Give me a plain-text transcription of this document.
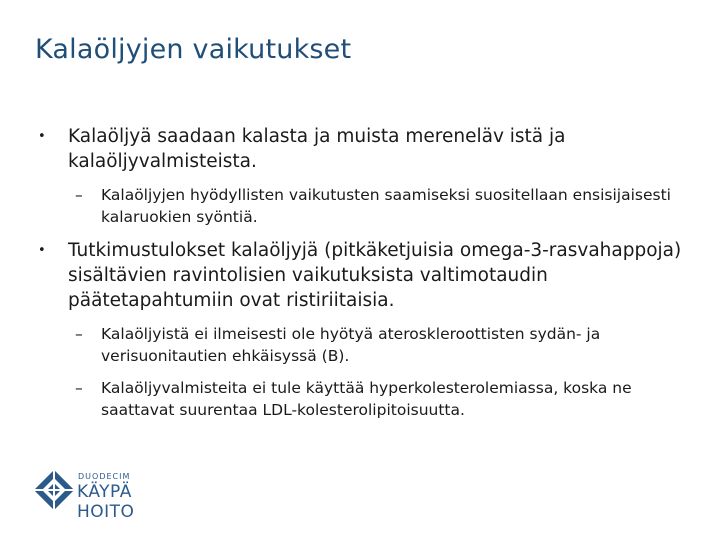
Kalaöljyjen vaikutukset
• Kalaöljyä saadaan kalasta ja muista mereneläv istä ja kalaöljyvalmisteista.
– Kalaöljyjen hyödyllisten vaikutusten saamiseksi suositellaan ensisijaisesti kalaruokien syöntiä.
• Tutkimustulokset kalaöljyjä (pitkäketjuisia omega-3-rasvahappoja) sisältävien ravintolisien vaikutuksista valtimotaudin päätetapahtumiin ovat ristiriitaisia.
– Kalaöljyistä ei ilmeisesti ole hyötyä ateroskleroottisten sydän- ja verisuonitautien ehkäisyssä (B).
– Kalaöljyvalmisteita ei tule käyttää hyperkolesterolemiassa, koska ne saattavat suurentaa LDL-kolesterolipitoisuutta.
DUODECIM
KÄYPÄ HOITO
